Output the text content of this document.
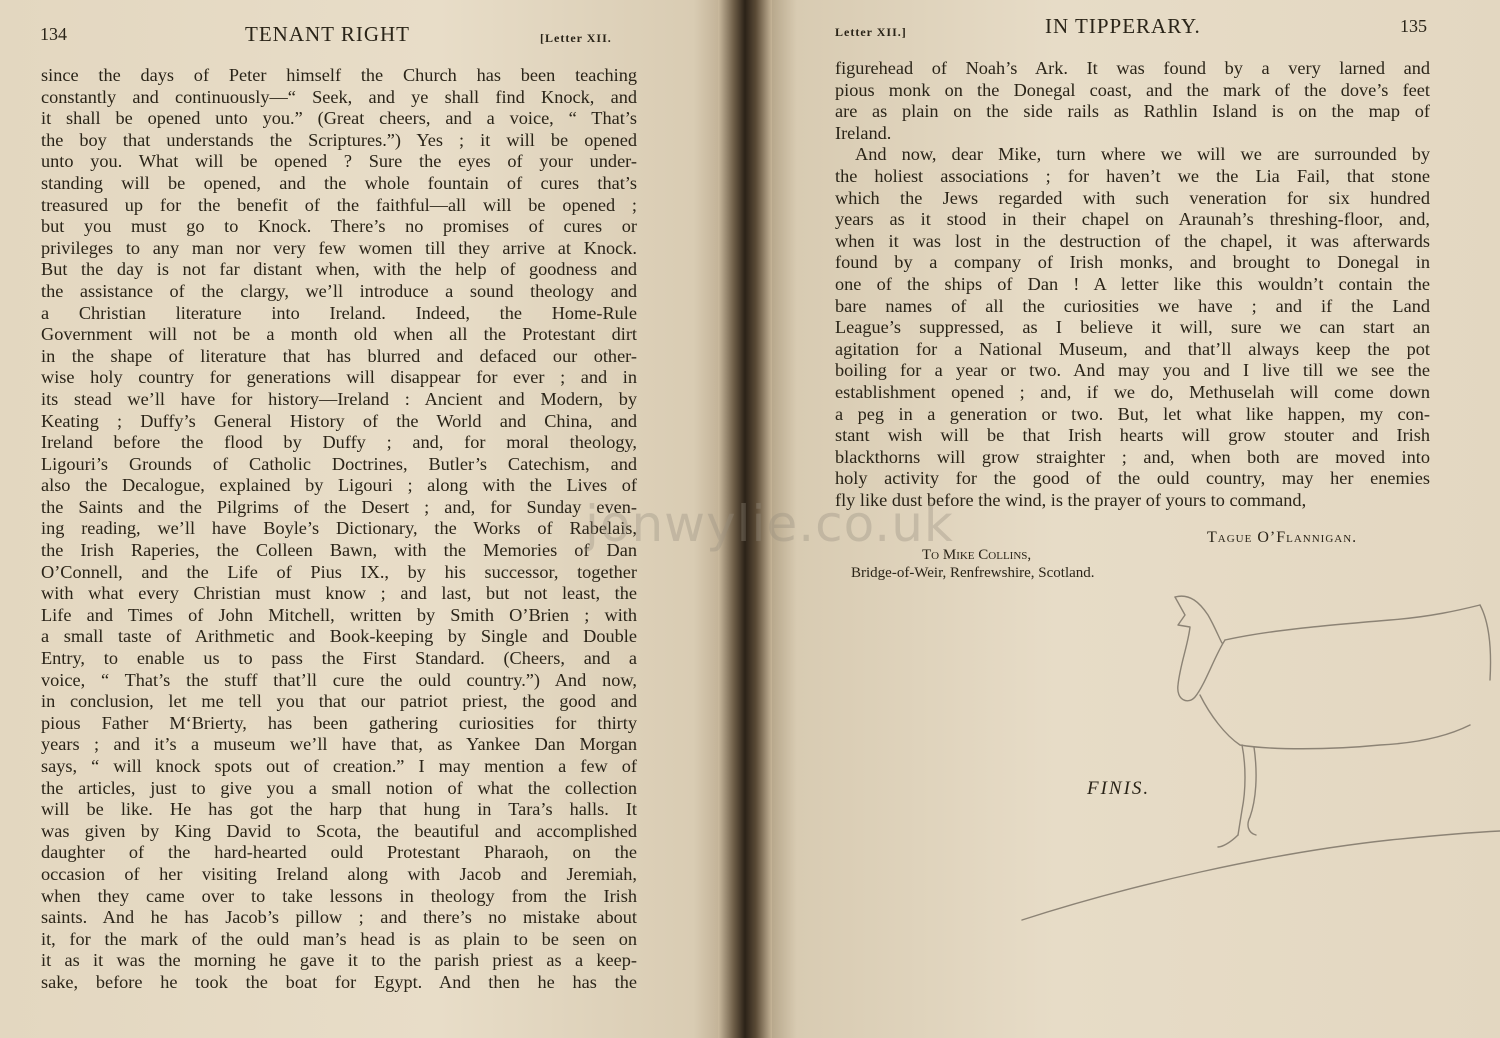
134	TENANT RIGHT	[Letter XII.

since the days of Peter himself the Church has been teaching

constantly and continuously—“ Seek, and ye shall find Knock, and

it shall be opened unto you.” (Great cheers, and a voice, “ That’s

the boy that understands the Scriptures.”) Yes ; it will be opened

unto you. What will be opened ? Sure the eyes of your under-

standing will be opened, and the whole fountain of cures that’s

treasured up for the benefit of the faithful—all will be opened ;

but you must go to Knock. There’s no promises of cures or

privileges to any man nor very few women till they arrive at Knock.

But the day is not far distant when, with the help of goodness and

the assistance of the clargy, we’ll introduce a sound theology and

a Christian literature into Ireland. Indeed, the Home-Rule

Government will not be a month old when all the Protestant dirt

in the shape of literature that has blurred and defaced our other-

wise holy country for generations will disappear for ever ; and in

its stead we’ll have for history—Ireland : Ancient and Modern, by

Keating ; Duffy’s General History of the World and China, and

Ireland before the flood by Duffy ; and, for moral theology,

Ligouri’s Grounds of Catholic Doctrines, Butler’s Catechism, and

also the Decalogue, explained by Ligouri ; along with the Lives of

the Saints and the Pilgrims of the Desert ; and, for Sunday even-

ing reading, we’ll have Boyle’s Dictionary, the Works of Rabelais,

the Irish Raperies, the Colleen Bawn, with the Memories of Dan

O’Connell, and the Life of Pius IX., by his successor, together

with what every Christian must know ; and last, but not least, the

Life and Times of John Mitchell, written by Smith O’Brien ; with

a small taste of Arithmetic and Book-keeping by Single and Double

Entry, to enable us to pass the First Standard. (Cheers, and a

voice, “ That’s the stuff that’ll cure the ould country.”) And now,

in conclusion, let me tell you that our patriot priest, the good and

pious Father M‘Brierty, has been gathering curiosities for thirty

years ; and it’s a museum we’ll have that, as Yankee Dan Morgan

says, “ will knock spots out of creation.” I may mention a few of

the articles, just to give you a small notion of what the collection

will be like. He has got the harp that hung in Tara’s halls. It

was given by King David to Scota, the beautiful and accomplished

daughter of the hard-hearted ould Protestant Pharaoh, on the

occasion of her visiting Ireland along with Jacob and Jeremiah,

when they came over to take lessons in theology from the Irish

saints. And he has Jacob’s pillow ; and there’s no mistake about

it, for the mark of the ould man’s head is as plain to be seen on

it as it was the morning he gave it to the parish priest as a keep-

sake, before he took the boat for Egypt. And then he has the

Letter XII.]	IN TIPPERARY.	135

figurehead of Noah’s Ark. It was found by a very larned and

pious monk on the Donegal coast, and the mark of the dove’s feet

are as plain on the side rails as Rathlin Island is on the map of

Ireland.

And now, dear Mike, turn where we will we are surrounded by

the holiest associations ; for haven’t we the Lia Fail, that stone

which the Jews regarded with such veneration for six hundred

years as it stood in their chapel on Araunah’s threshing-floor, and,

when it was lost in the destruction of the chapel, it was afterwards

found by a company of Irish monks, and brought to Donegal in

one of the ships of Dan ! A letter like this wouldn’t contain the

bare names of all the curiosities we have ; and if the Land

League’s suppressed, as I believe it will, sure we can start an

agitation for a National Museum, and that’ll always keep the pot

boiling for a year or two. And may you and I live till we see the

establishment opened ; and, if we do, Methuselah will come down

a peg in a generation or two. But, let what like happen, my con-

stant wish will be that Irish hearts will grow stouter and Irish

blackthorns will grow straighter ; and, when both are moved into

holy activity for the good of the ould country, may her enemies

fly like dust before the wind, is the prayer of yours to command,

Tague O’Flannigan.
To Mike Collins,
Bridge-of-Weir, Renfrewshire, Scotland.
FINIS.
jonwylie.co.uk
